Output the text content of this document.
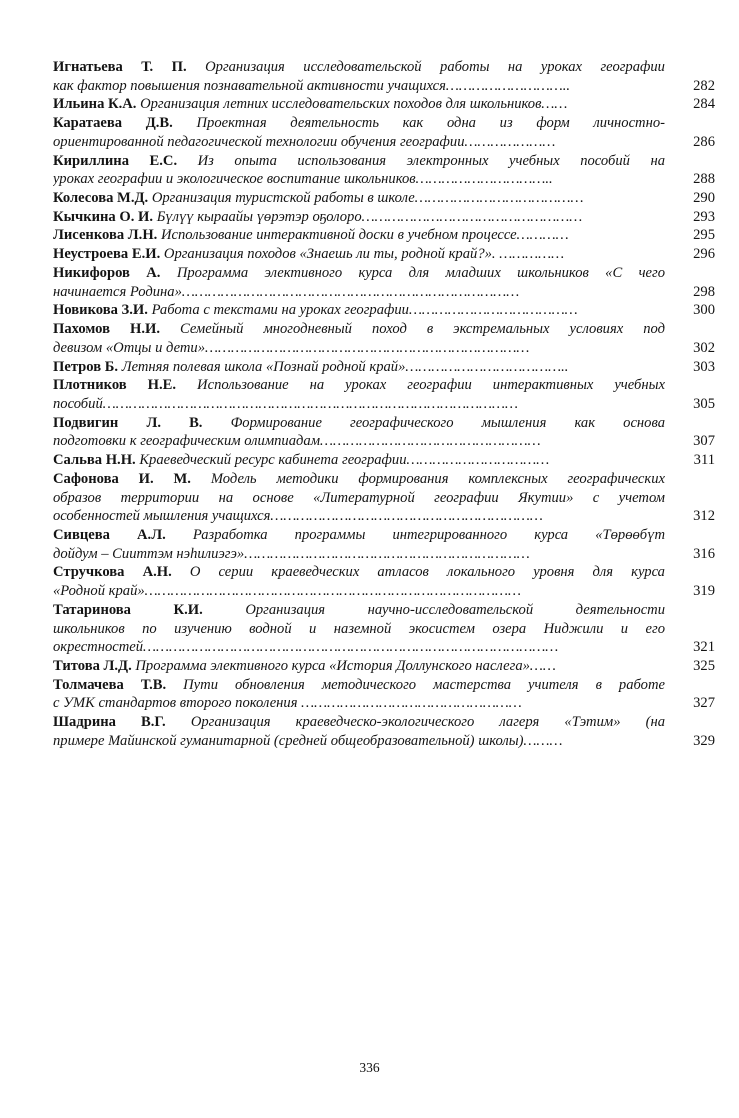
Игнатьева Т. П. Организация исследовательской работы на уроках географии
как фактор повышения познавательной активности учащихся………………………..	282
Ильина К.А. Организация летних исследовательских походов для школьников……	284
Каратаева Д.В. Проектная деятельность как одна из форм личностно-
ориентированной педагогической технологии обучения географии…………………	286
Кириллина Е.С. Из опыта использования электронных учебных пособий на
уроках географии и экологическое воспитание школьников…………………………..	288
Колесова М.Д. Организация туристской работы в школе…………………………………	290
Кычкина О. И. Бүлүү кыраайы үөрэтэр оҕолоро……………………………………………	293
Лисенкова Л.Н. Использование интерактивной доски в учебном процессе…………	295
Неустроева Е.И. Организация походов «Знаешь ли ты, родной край?». ……………	296
Никифоров А. Программа элективного курса для младших школьников «С чего
начинается Родина»……………………………………………………………………	298
Новикова З.И. Работа с текстами на уроках географии…………………………………	300
Пахомов Н.И. Семейный многодневный поход в экстремальных условиях под
девизом «Отцы и дети»…………………………………………………………………	302
Петров Б. Летняя полевая школа «Познай родной край»………………………………..	303
Плотников Н.Е. Использование на уроках географии интерактивных учебных
пособий……………………………………………………………………………………	305
Подвигин Л. В. Формирование географического мышления как основа
подготовки к географическим олимпиадам……………………………………………	307
Сальва Н.Н. Краеведческий ресурс кабинета географии……………………………	311
Сафонова И. М. Модель методики формирования комплексных географических
образов территории на основе «Литературной географии Якутии» с учетом
особенностей мышления учащихся………………………………………………………	312
Сивцева А.Л. Разработка программы интегрированного курса «Төрөөбүт
дойдум – Сииттэм нэһилиэгэ»…………………………………………………………	316
Стручкова А.Н. О серии краеведческих атласов локального уровня для курса
«Родной край»……………………………………………………………………………	319
Татаринова К.И.	Организация научно-исследовательской деятельности
школьников по изучению водной и наземной экосистем озера Ниджили и его
окрестностей……………………………………………………………………………………	321
Титова Л.Д. Программа элективного курса «История Доллунского наслега»……	325
Толмачева Т.В. Пути обновления методического мастерства учителя в работе
с УМК стандартов второго поколения ……………………………………………	327
Шадрина В.Г. Организация краеведческо-экологического лагеря «Тэтим» (на
примере Майинской гуманитарной (средней общеобразовательной) школы)………	329
336
